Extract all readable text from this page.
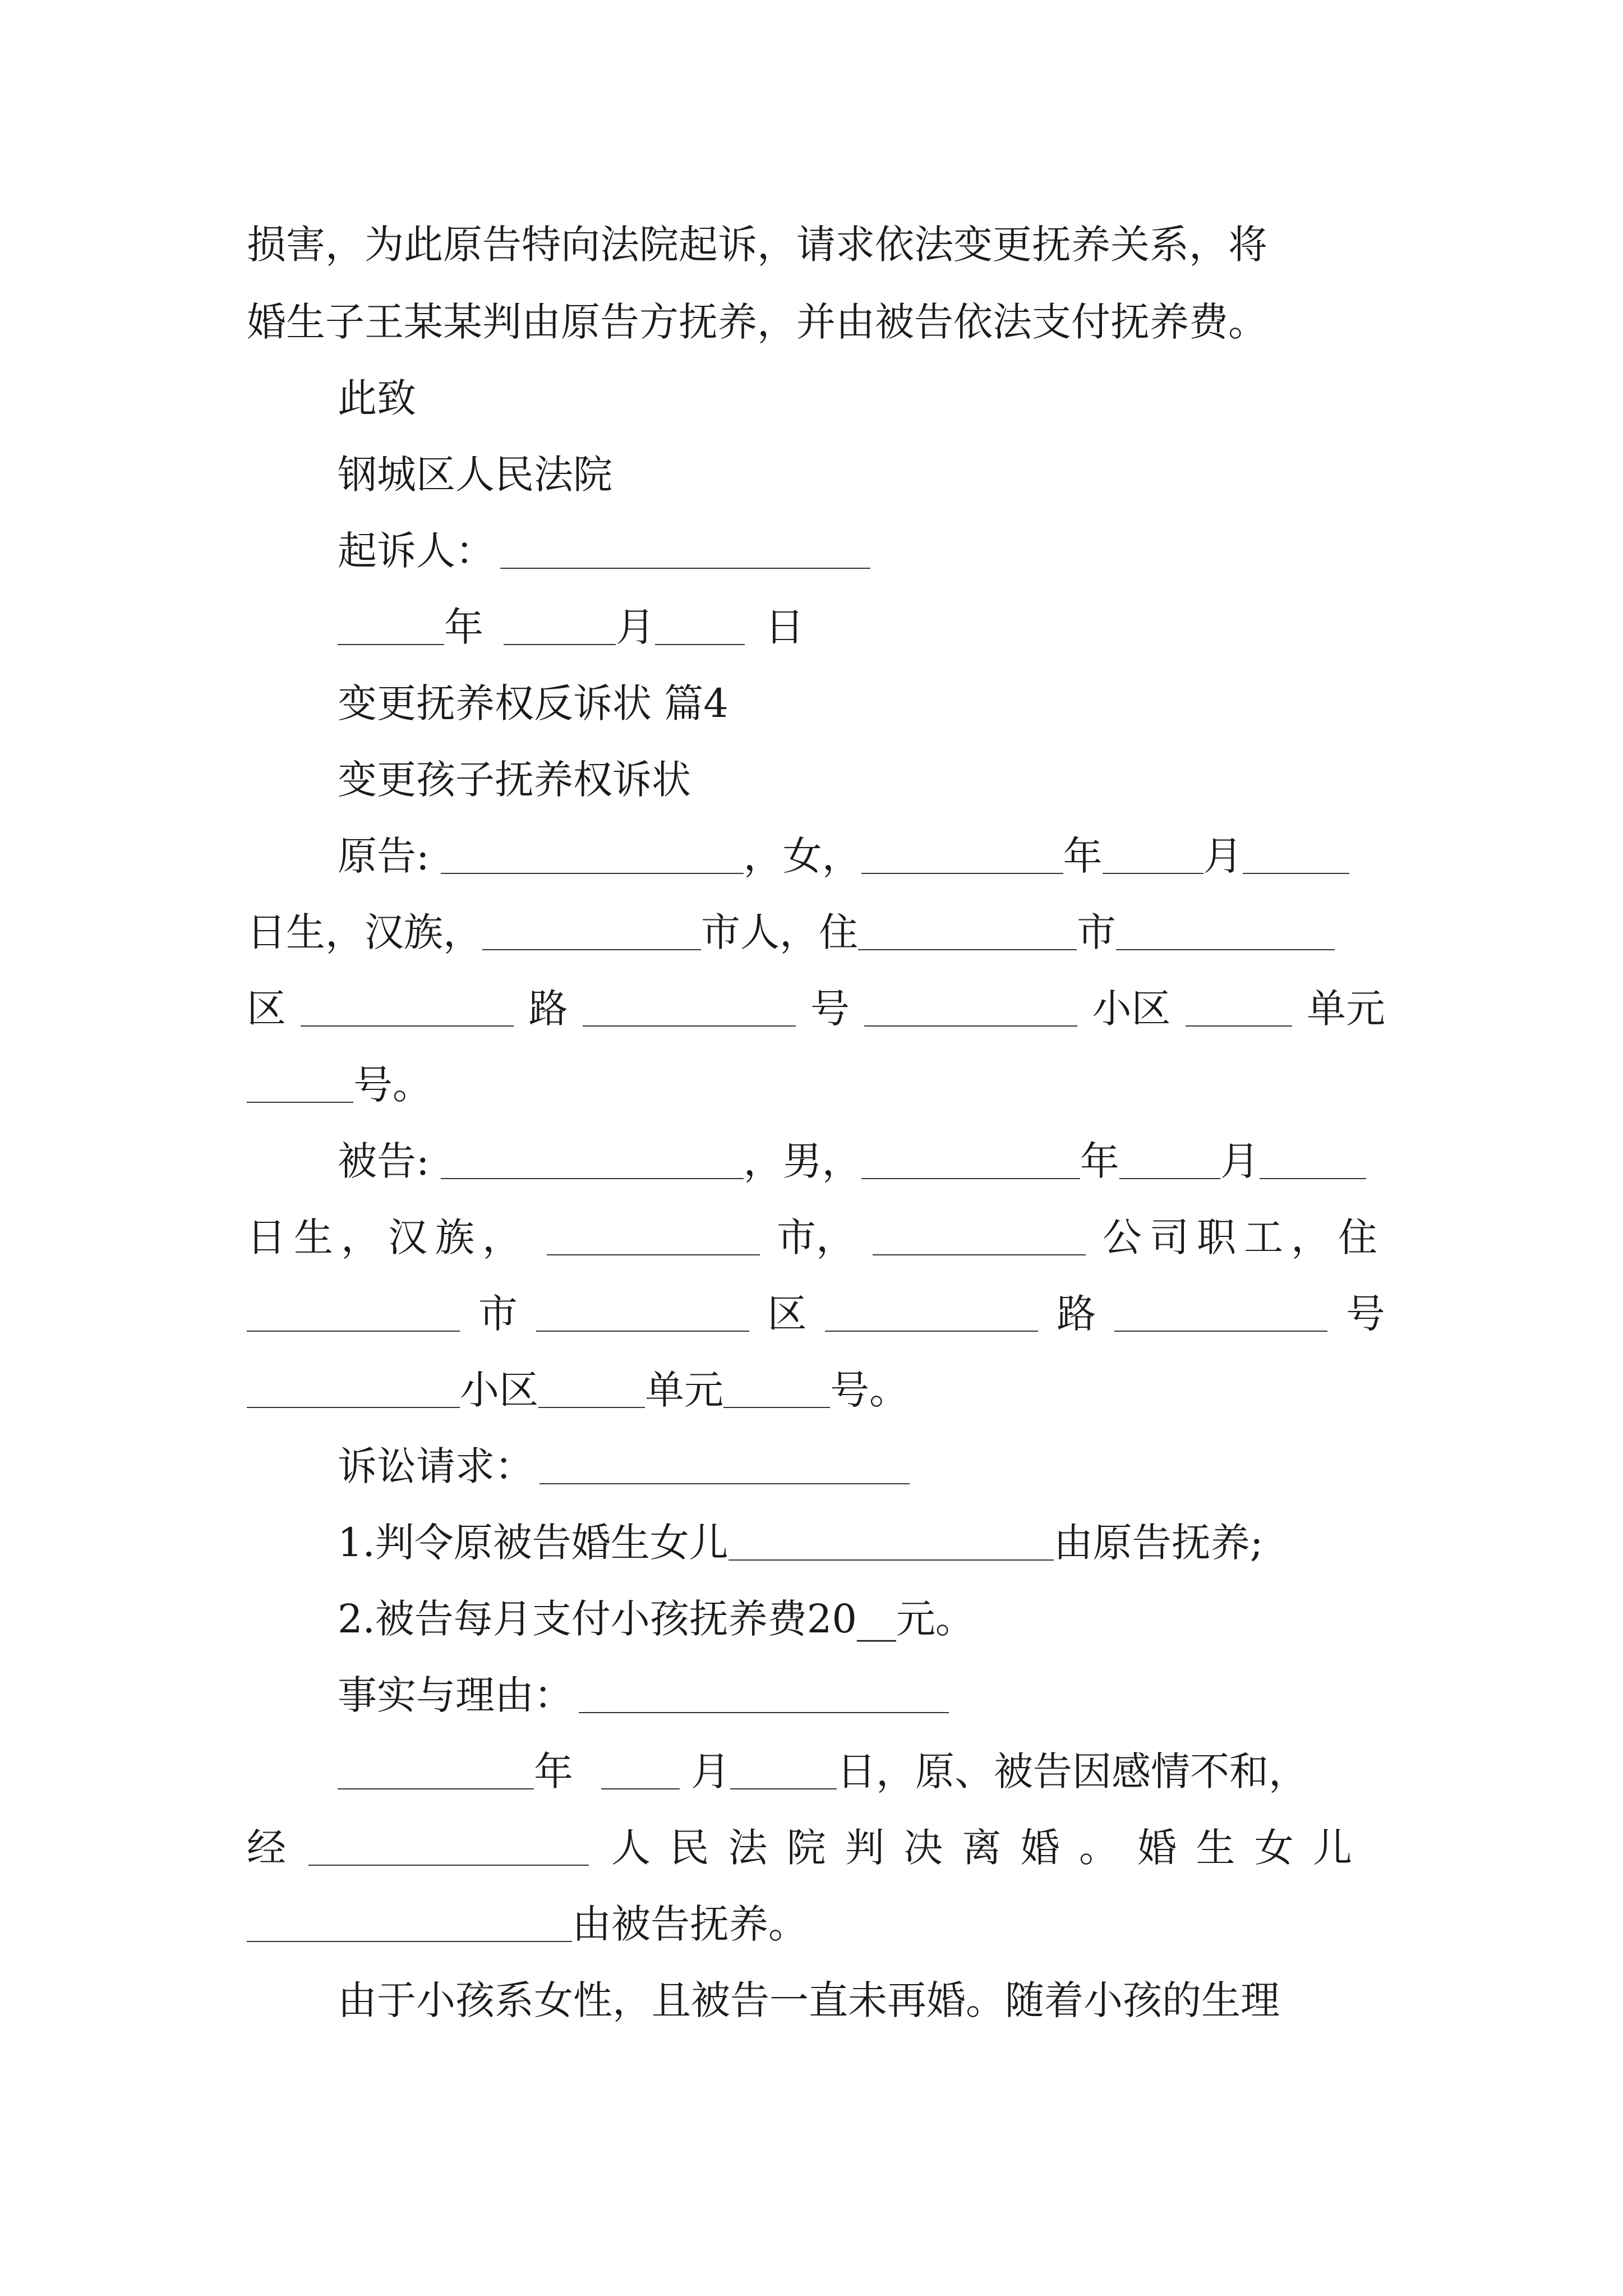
损害，为此原告特向法院起诉，请求依法变更抚养关系，将
婚生子王某某判由原告方抚养，并由被告依法支付抚养费。
此致
钢城区人民法院
起诉人：
年	月	日
变更抚养权反诉状 篇4
变更孩子抚养权诉状
原告:	，女，	年	月
日生，汉族，	市人，住	市
区	路	号	小区	单元
号。
被告:	，男，	年	月
日生，汉族，	市，	公司职工，住
市	区	路	号
小区	单元	号。
诉讼请求：
1.判令原被告婚生女儿	由原告抚养;
2.被告每月支付小孩抚养费20__元。
事实与理由：
年	月	日，原、被告因感情不和，
经	人 民 法 院 判 决 离 婚 。 婚 生 女 儿
由被告抚养。
由于小孩系女性，且被告一直未再婚。随着小孩的生理
